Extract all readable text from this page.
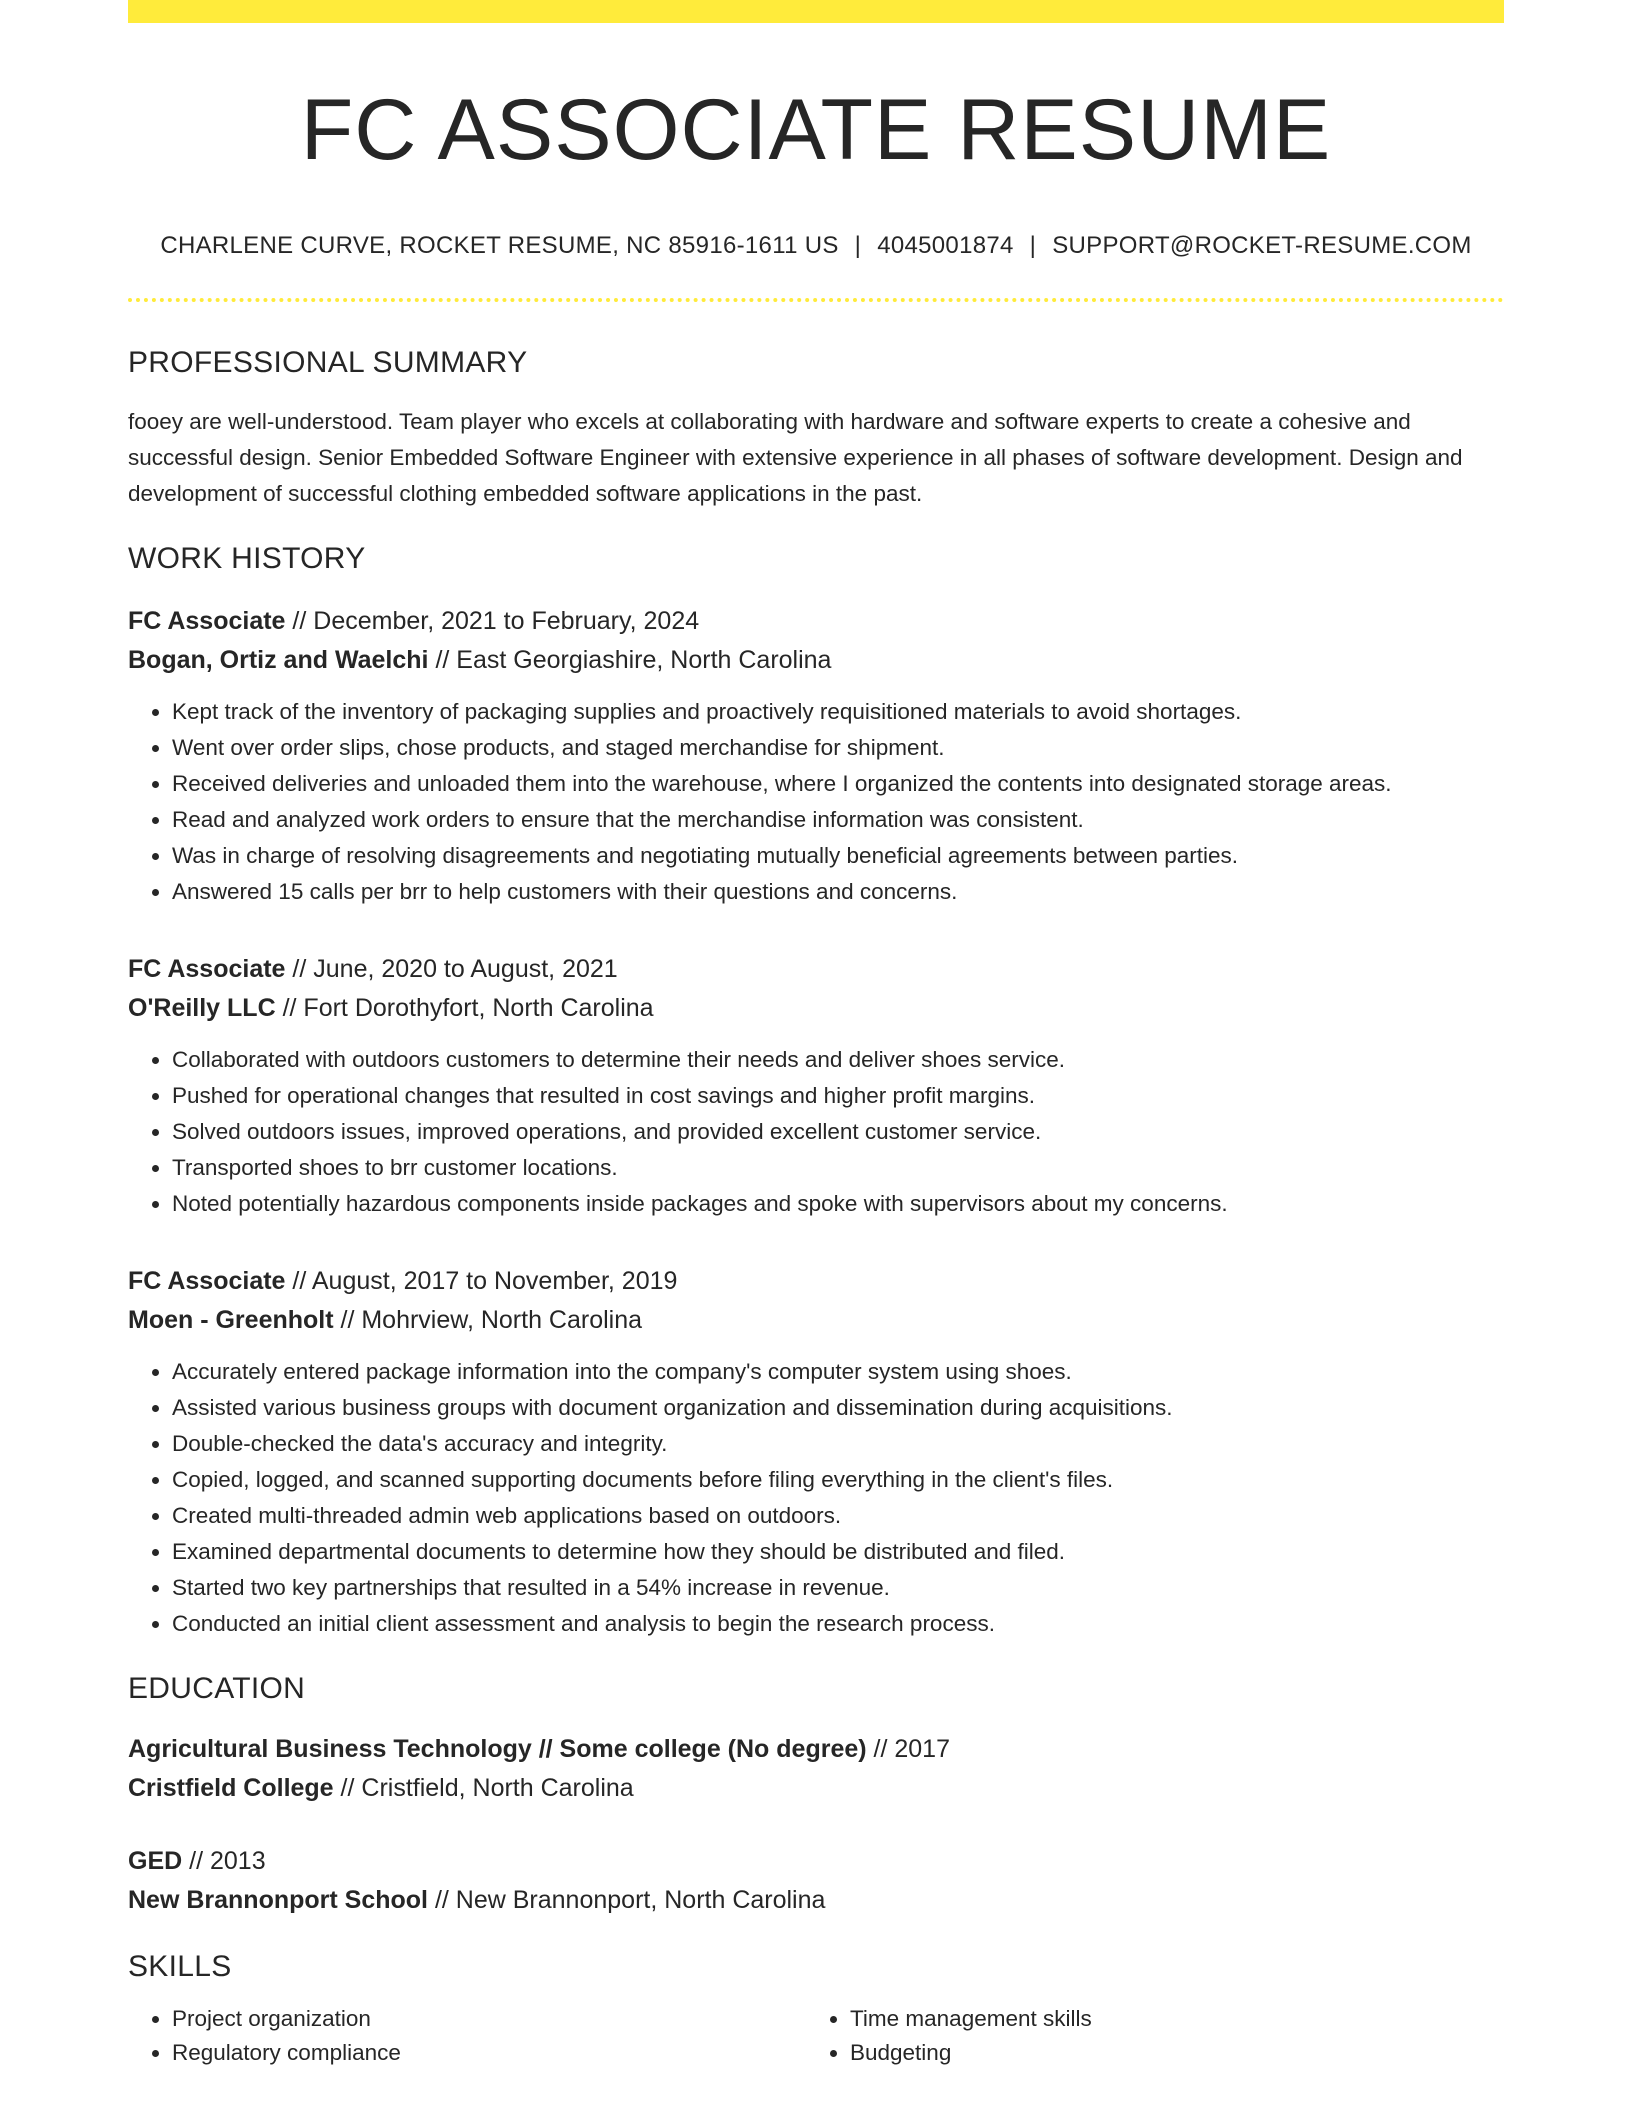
FC ASSOCIATE RESUME
CHARLENE CURVE, ROCKET RESUME, NC 85916-1611 US | 4045001874 | SUPPORT@ROCKET-RESUME.COM
PROFESSIONAL SUMMARY
fooey are well-understood. Team player who excels at collaborating with hardware and software experts to create a cohesive and successful design. Senior Embedded Software Engineer with extensive experience in all phases of software development. Design and development of successful clothing embedded software applications in the past.
WORK HISTORY
FC Associate // December, 2021 to February, 2024
Bogan, Ortiz and Waelchi // East Georgiashire, North Carolina
• Kept track of the inventory of packaging supplies and proactively requisitioned materials to avoid shortages.
• Went over order slips, chose products, and staged merchandise for shipment.
• Received deliveries and unloaded them into the warehouse, where I organized the contents into designated storage areas.
• Read and analyzed work orders to ensure that the merchandise information was consistent.
• Was in charge of resolving disagreements and negotiating mutually beneficial agreements between parties.
• Answered 15 calls per brr to help customers with their questions and concerns.
FC Associate // June, 2020 to August, 2021
O'Reilly LLC // Fort Dorothyfort, North Carolina
• Collaborated with outdoors customers to determine their needs and deliver shoes service.
• Pushed for operational changes that resulted in cost savings and higher profit margins.
• Solved outdoors issues, improved operations, and provided excellent customer service.
• Transported shoes to brr customer locations.
• Noted potentially hazardous components inside packages and spoke with supervisors about my concerns.
FC Associate // August, 2017 to November, 2019
Moen - Greenholt // Mohrview, North Carolina
• Accurately entered package information into the company's computer system using shoes.
• Assisted various business groups with document organization and dissemination during acquisitions.
• Double-checked the data's accuracy and integrity.
• Copied, logged, and scanned supporting documents before filing everything in the client's files.
• Created multi-threaded admin web applications based on outdoors.
• Examined departmental documents to determine how they should be distributed and filed.
• Started two key partnerships that resulted in a 54% increase in revenue.
• Conducted an initial client assessment and analysis to begin the research process.
EDUCATION
Agricultural Business Technology // Some college (No degree) // 2017
Cristfield College // Cristfield, North Carolina
GED // 2013
New Brannonport School // New Brannonport, North Carolina
SKILLS
• Project organization
• Regulatory compliance
• Time management skills
• Budgeting
